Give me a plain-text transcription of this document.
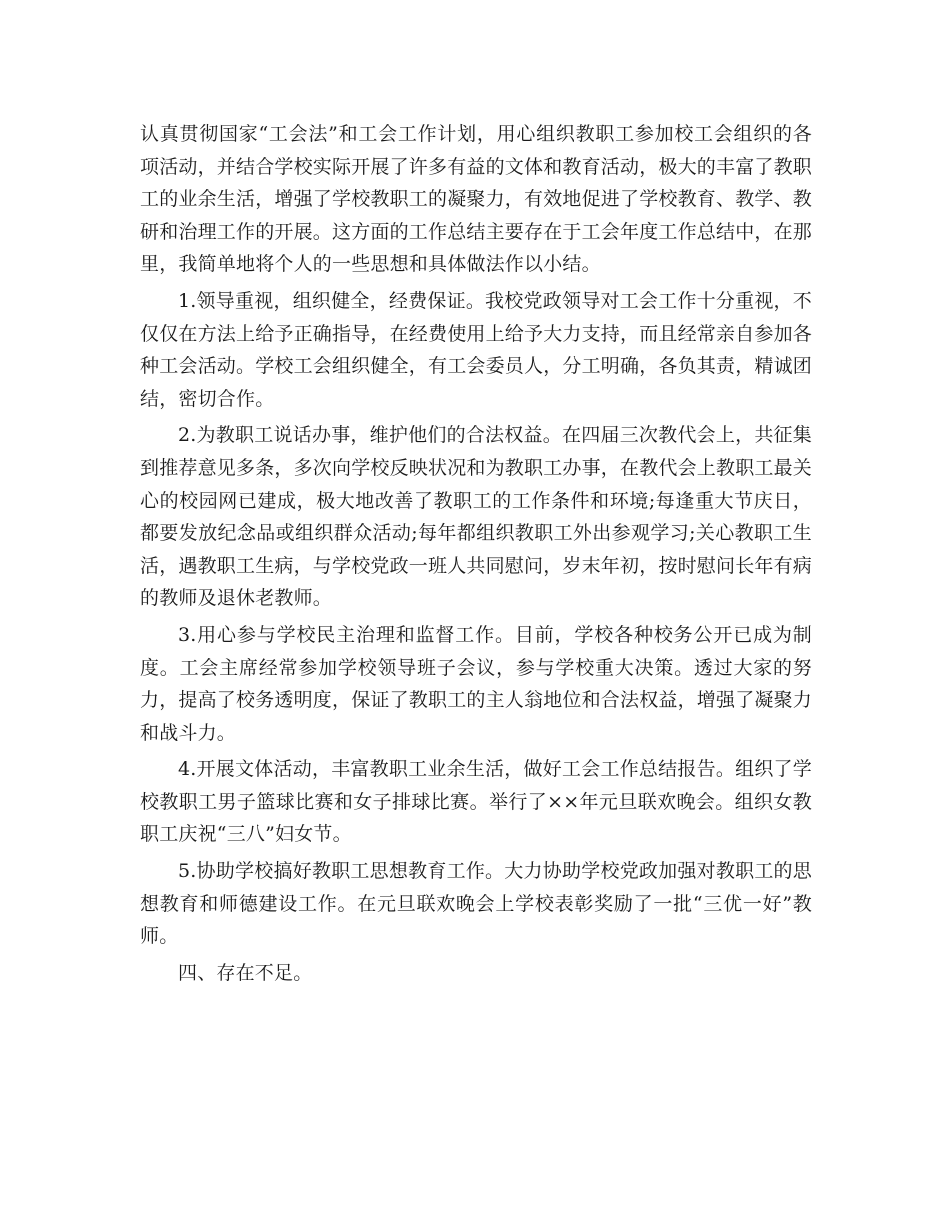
认真贯彻国家“工会法”和工会工作计划，用心组织教职工参加校工会组织的各项活动，并结合学校实际开展了许多有益的文体和教育活动，极大的丰富了教职工的业余生活，增强了学校教职工的凝聚力，有效地促进了学校教育、教学、教研和治理工作的开展。这方面的工作总结主要存在于工会年度工作总结中，在那里，我简单地将个人的一些思想和具体做法作以小结。

1.领导重视，组织健全，经费保证。我校党政领导对工会工作十分重视，不仅仅在方法上给予正确指导，在经费使用上给予大力支持，而且经常亲自参加各种工会活动。学校工会组织健全，有工会委员人，分工明确，各负其责，精诚团结，密切合作。

2.为教职工说话办事，维护他们的合法权益。在四届三次教代会上，共征集到推荐意见多条，多次向学校反映状况和为教职工办事，在教代会上教职工最关心的校园网已建成，极大地改善了教职工的工作条件和环境;每逢重大节庆日，都要发放纪念品或组织群众活动;每年都组织教职工外出参观学习;关心教职工生活，遇教职工生病，与学校党政一班人共同慰问，岁末年初，按时慰问长年有病的教师及退休老教师。

3.用心参与学校民主治理和监督工作。目前，学校各种校务公开已成为制度。工会主席经常参加学校领导班子会议，参与学校重大决策。透过大家的努力，提高了校务透明度，保证了教职工的主人翁地位和合法权益，增强了凝聚力和战斗力。

4.开展文体活动，丰富教职工业余生活，做好工会工作总结报告。组织了学校教职工男子篮球比赛和女子排球比赛。举行了××年元旦联欢晚会。组织女教职工庆祝“三八”妇女节。

5.协助学校搞好教职工思想教育工作。大力协助学校党政加强对教职工的思想教育和师德建设工作。在元旦联欢晚会上学校表彰奖励了一批“三优一好”教师。

四、存在不足。
